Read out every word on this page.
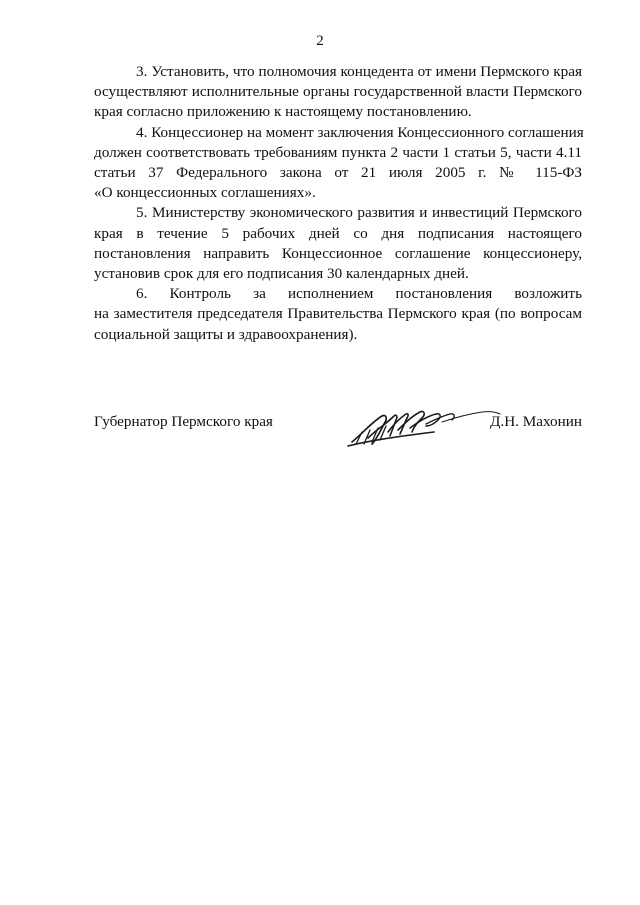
2

3. Установить, что полномочия концедента от имени Пермского края
осуществляют исполнительные органы государственной власти Пермского
края согласно приложению к настоящему постановлению.

4. Концессионер на момент заключения Концессионного соглашения
должен соответствовать требованиям пункта 2 части 1 статьи 5, части 4.11
статьи 37 Федерального закона от 21 июля 2005 г. № 115-ФЗ
«О концессионных соглашениях».

5. Министерству экономического развития и инвестиций Пермского
края в течение 5 рабочих дней со дня подписания настоящего
постановления направить Концессионное соглашение концессионеру,
установив срок для его подписания 30 календарных дней.

6. Контроль за исполнением постановления возложить
на заместителя председателя Правительства Пермского края (по вопросам
социальной защиты и здравоохранения).

Губернатор Пермского края	Д.Н. Махонин
